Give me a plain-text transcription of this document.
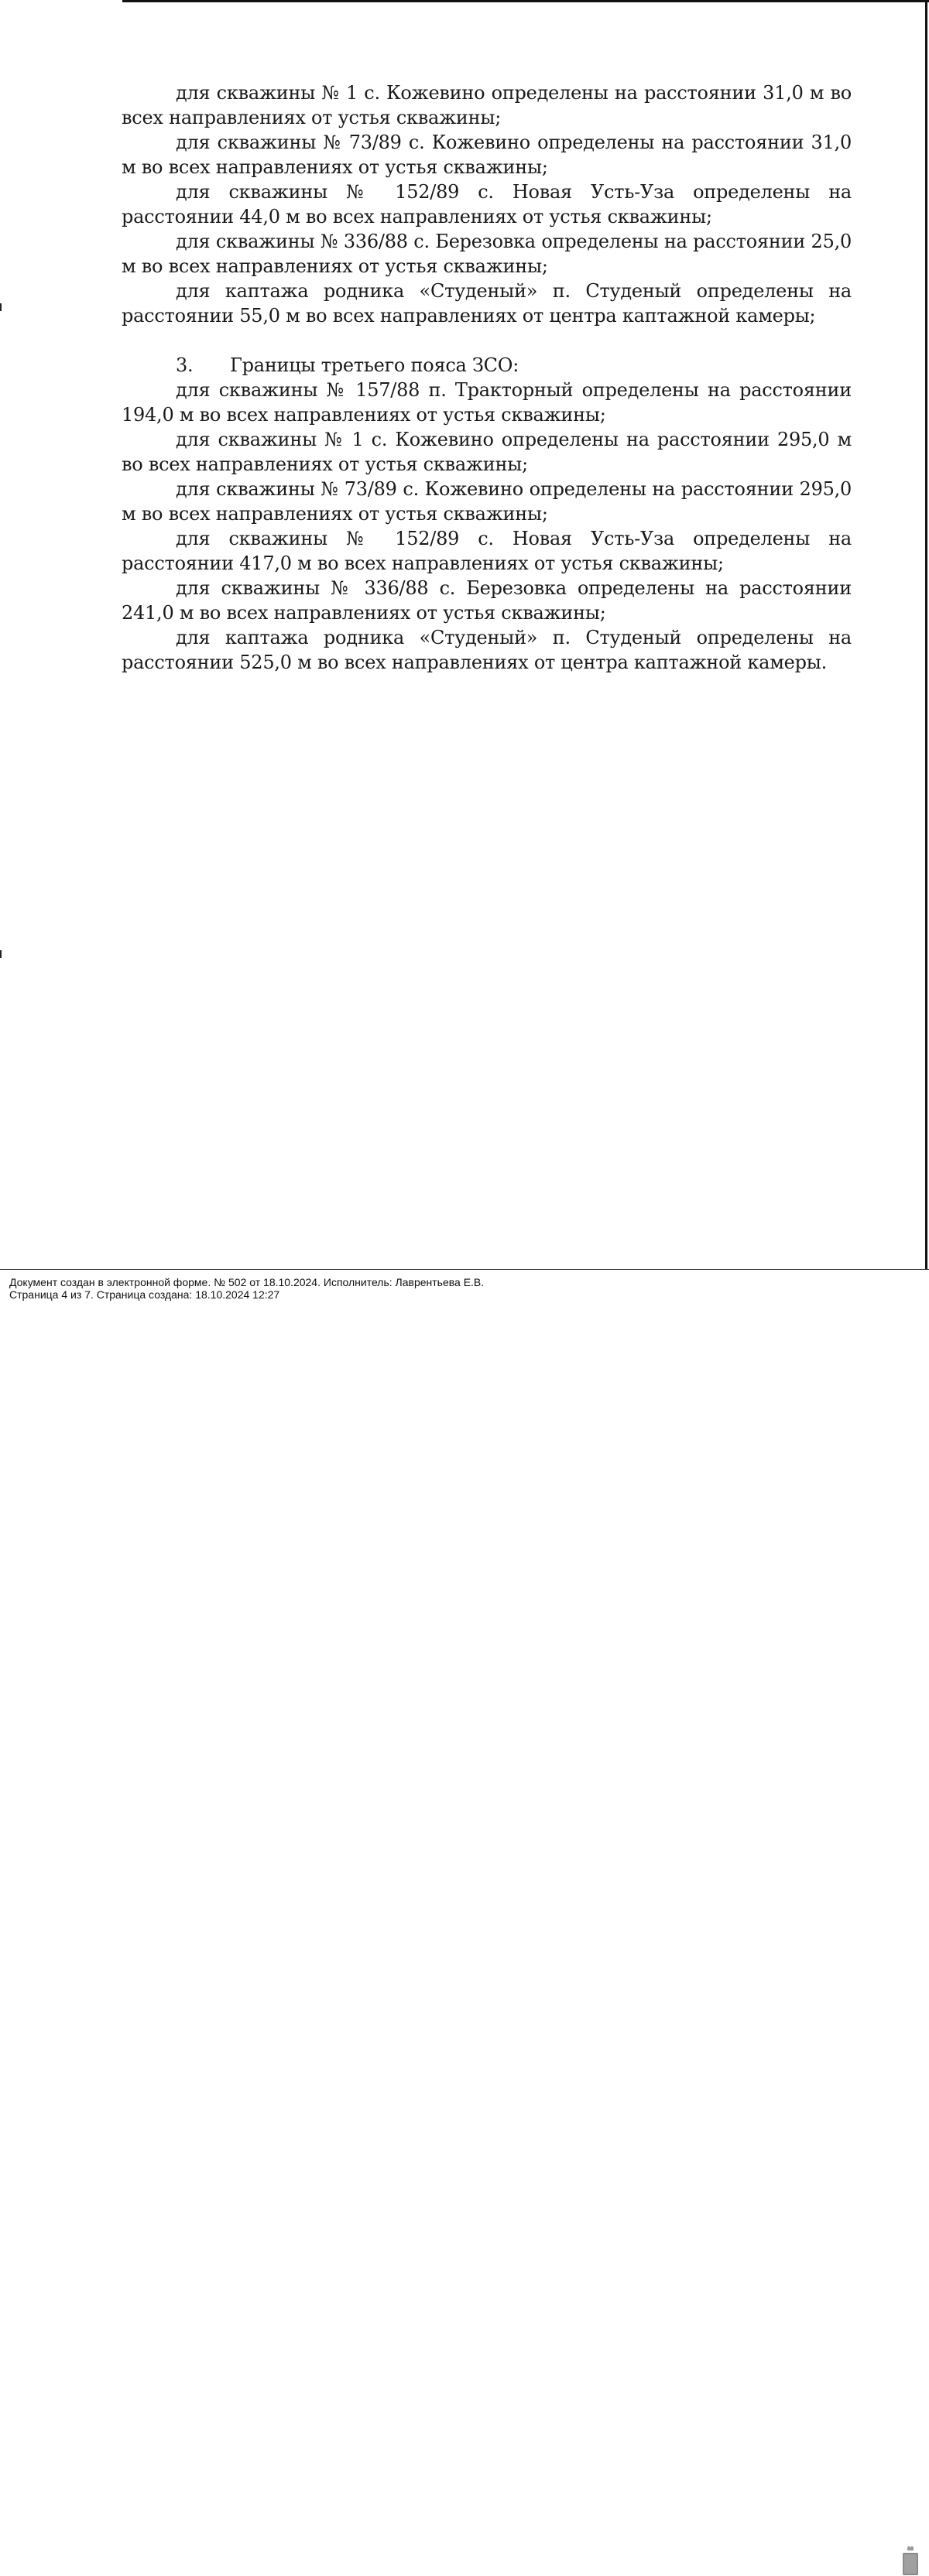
для скважины № 1 с. Кожевино определены на расстоянии 31,0 м во всех направлениях от устья скважины;

для скважины № 73/89 с. Кожевино определены на расстоянии 31,0 м во всех направлениях от устья скважины;

для скважины № 152/89 с. Новая Усть-Уза определены на расстоянии 44,0 м во всех направлениях от устья скважины;

для скважины № 336/88 с. Березовка определены на расстоянии 25,0 м во всех направлениях от устья скважины;

для каптажа родника «Студеный» п. Студеный определены на расстоянии 55,0 м во всех направлениях от центра каптажной камеры;

3. Границы третьего пояса ЗСО:

для скважины № 157/88 п. Тракторный определены на расстоянии 194,0 м во всех направлениях от устья скважины;

для скважины № 1 с. Кожевино определены на расстоянии 295,0 м во всех направлениях от устья скважины;

для скважины № 73/89 с. Кожевино определены на расстоянии 295,0 м во всех направлениях от устья скважины;

для скважины № 152/89 с. Новая Усть-Уза определены на расстоянии 417,0 м во всех направлениях от устья скважины;

для скважины № 336/88 с. Березовка определены на расстоянии 241,0 м во всех направлениях от устья скважины;

для каптажа родника «Студеный» п. Студеный определены на расстоянии 525,0 м во всех направлениях от центра каптажной камеры.

Документ создан в электронной форме. № 502 от 18.10.2024. Исполнитель: Лаврентьева Е.В.
Страница 4 из 7. Страница создана: 18.10.2024 12:27
